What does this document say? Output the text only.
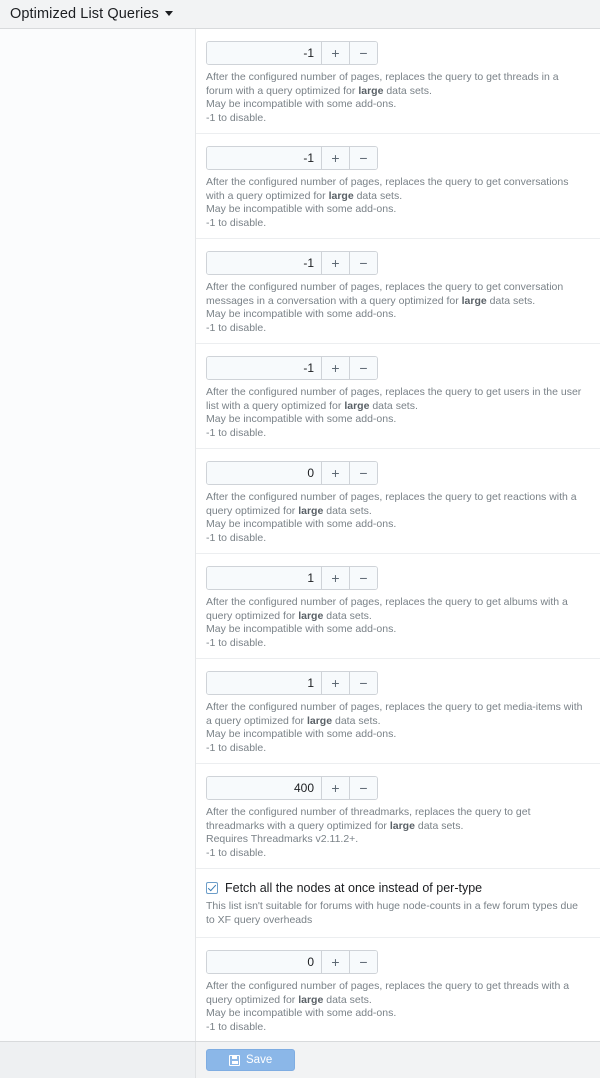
Optimized List Queries
-1
+	−
After the configured number of pages, replaces the query to get threads in a forum with a query optimized for large data sets.
May be incompatible with some add-ons.
-1 to disable.
-1
+	−
After the configured number of pages, replaces the query to get conversations with a query optimized for large data sets.
May be incompatible with some add-ons.
-1 to disable.
-1
+	−
After the configured number of pages, replaces the query to get conversation messages in a conversation with a query optimized for large data sets.
May be incompatible with some add-ons.
-1 to disable.
-1
+	−
After the configured number of pages, replaces the query to get users in the user list with a query optimized for large data sets.
May be incompatible with some add-ons.
-1 to disable.
0
+	−
After the configured number of pages, replaces the query to get reactions with a query optimized for large data sets.
May be incompatible with some add-ons.
-1 to disable.
1
+	−
After the configured number of pages, replaces the query to get albums with a query optimized for large data sets.
May be incompatible with some add-ons.
-1 to disable.
1
+	−
After the configured number of pages, replaces the query to get media-items with a query optimized for large data sets.
May be incompatible with some add-ons.
-1 to disable.
400
+	−
After the configured number of threadmarks, replaces the query to get threadmarks with a query optimized for large data sets.
Requires Threadmarks v2.11.2+.
-1 to disable.
Fetch all the nodes at once instead of per-type
This list isn't suitable for forums with huge node-counts in a few forum types due to XF query overheads
0
+	−
After the configured number of pages, replaces the query to get threads with a query optimized for large data sets.
May be incompatible with some add-ons.
-1 to disable.
Save
